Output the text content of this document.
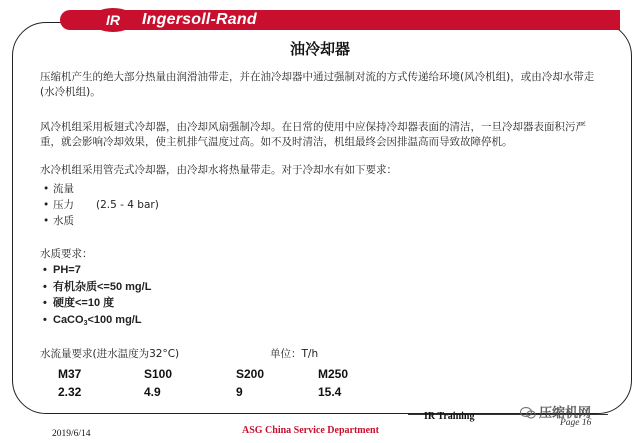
IR Ingersoll-Rand
油冷却器
压缩机产生的绝大部分热量由润滑油带走，并在油冷却器中通过强制对流的方式传递给环境(风冷机组)，或由冷却水带走(水冷机组)。
风冷机组采用板翅式冷却器，由冷却风扇强制冷却。在日常的使用中应保持冷却器表面的清洁，一旦冷却器表面积污严重，就会影响冷却效果，使主机排气温度过高。如不及时清洁，机组最终会因排温高而导致故障停机。
水冷机组采用管壳式冷却器，由冷却水将热量带走。对于冷却水有如下要求：
• 流量
• 压力 (2.5 - 4 bar)
• 水质
水质要求：
• PH=7
• 有机杂质<=50 mg/L
• 硬度<=10 度
• CaCO$_3$<100 mg/L
水流量要求(进水温度为32°C)	单位：T/h
M37	S100	S200	M250
2.32	4.9	9	15.4
IR Training
Page 16
2019/6/14	ASG China Service Department
压缩机网
